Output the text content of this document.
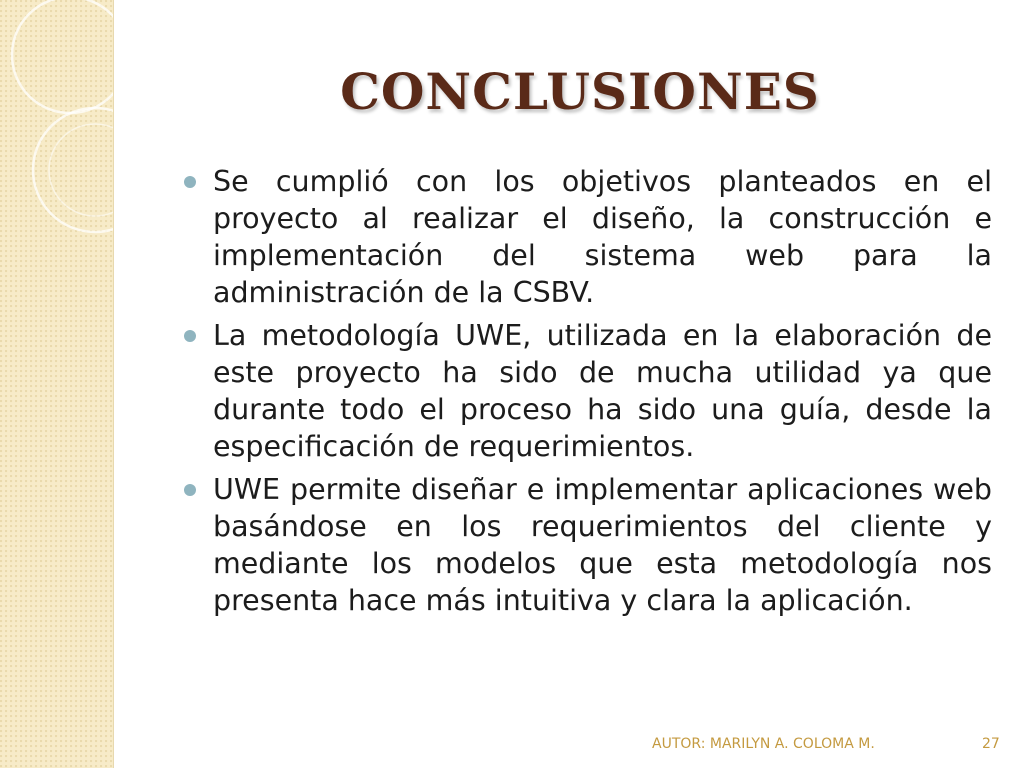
CONCLUSIONES
Se cumplió con los objetivos planteados en el proyecto al realizar el diseño, la construcción e implementación del sistema web para la administración de la CSBV.
La metodología UWE, utilizada en la elaboración de este proyecto ha sido de mucha utilidad ya que durante todo el proceso ha sido una guía, desde la especificación de requerimientos.
UWE permite diseñar e implementar aplicaciones web basándose en los requerimientos del cliente y mediante los modelos que esta metodología nos presenta hace más intuitiva y clara la aplicación.
AUTOR: MARILYN A. COLOMA M.	27
